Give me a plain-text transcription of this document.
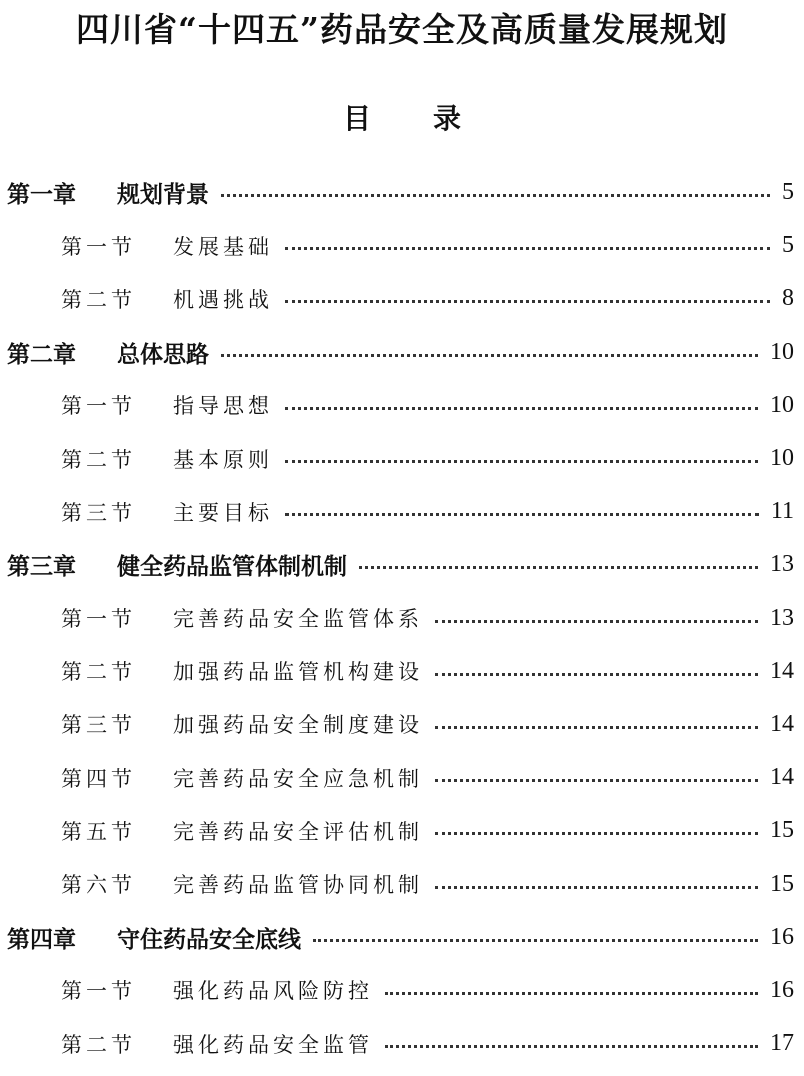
四川省“十四五”药品安全及高质量发展规划
目 录
第一章	规划背景	5
第一节	发展基础	5
第二节	机遇挑战	8
第二章	总体思路	10
第一节	指导思想	10
第二节	基本原则	10
第三节	主要目标	11
第三章	健全药品监管体制机制	13
第一节	完善药品安全监管体系	13
第二节	加强药品监管机构建设	14
第三节	加强药品安全制度建设	14
第四节	完善药品安全应急机制	14
第五节	完善药品安全评估机制	15
第六节	完善药品监管协同机制	15
第四章	守住药品安全底线	16
第一节	强化药品风险防控	16
第二节	强化药品安全监管	17
